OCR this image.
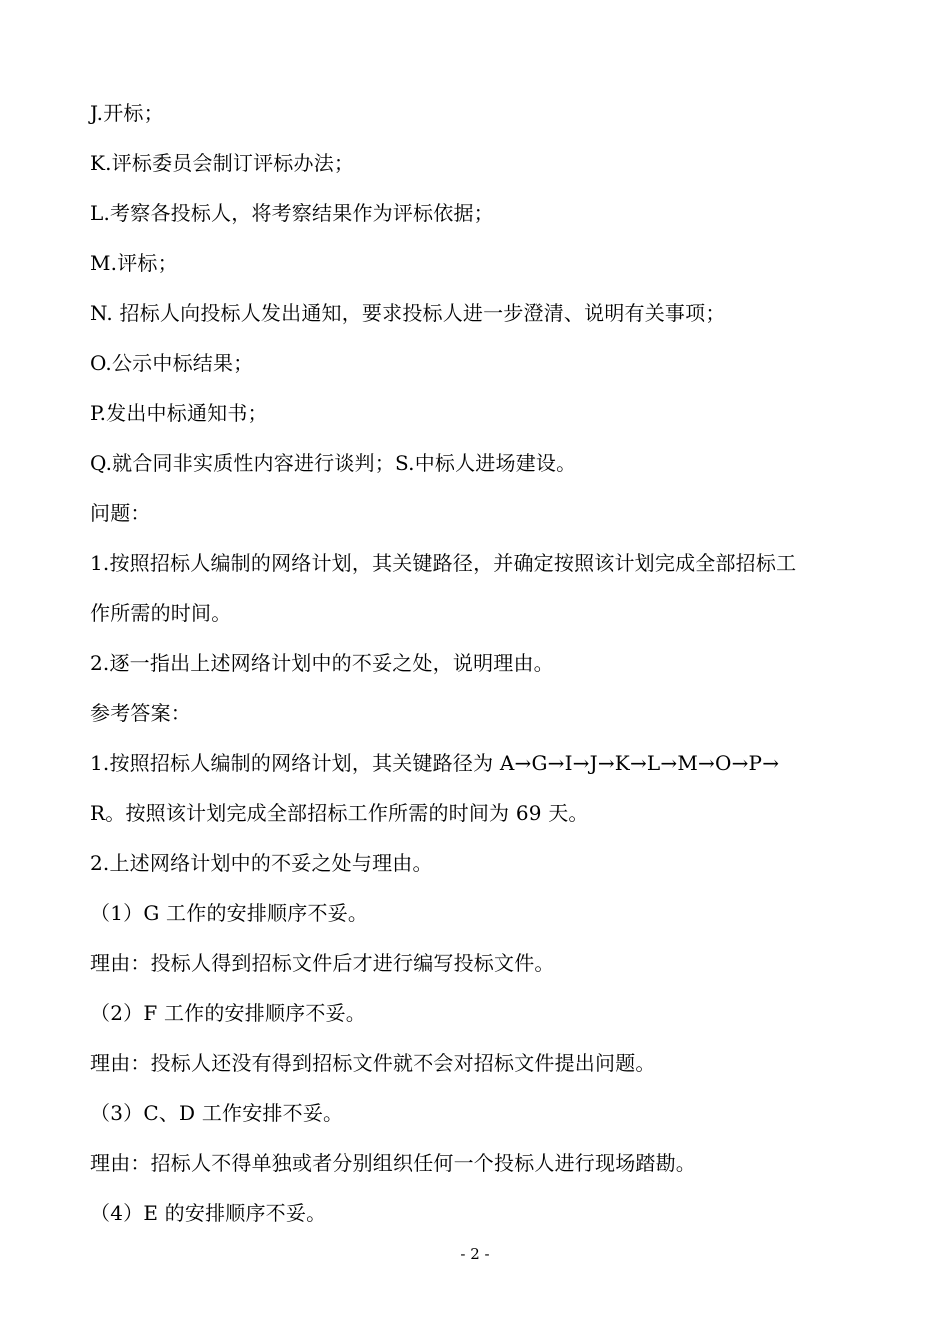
J.开标；
K.评标委员会制订评标办法；
L.考察各投标人，将考察结果作为评标依据；
M.评标；
N. 招标人向投标人发出通知，要求投标人进一步澄清、说明有关事项；
O.公示中标结果；
P.发出中标通知书；
Q.就合同非实质性内容进行谈判；S.中标人进场建设。
问题：
1.按照招标人编制的网络计划，其关键路径，并确定按照该计划完成全部招标工
作所需的时间。
2.逐一指出上述网络计划中的不妥之处，说明理由。
参考答案：
1.按照招标人编制的网络计划，其关键路径为 A→G→I→J→K→L→M→O→P→
R。按照该计划完成全部招标工作所需的时间为 69 天。
2.上述网络计划中的不妥之处与理由。
（1）G 工作的安排顺序不妥。
理由：投标人得到招标文件后才进行编写投标文件。
（2）F 工作的安排顺序不妥。
理由：投标人还没有得到招标文件就不会对招标文件提出问题。
（3）C、D 工作安排不妥。
理由：招标人不得单独或者分别组织任何一个投标人进行现场踏勘。
（4）E 的安排顺序不妥。
- 2 -
